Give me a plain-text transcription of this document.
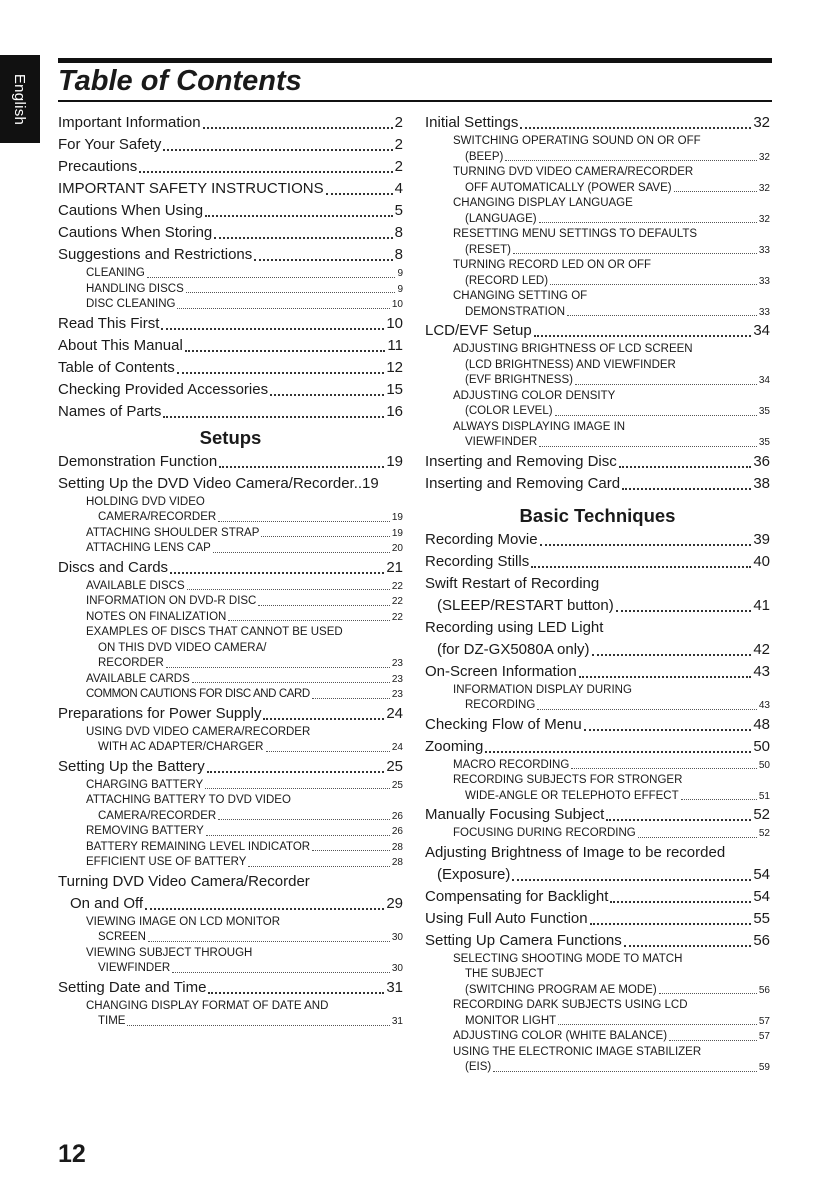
English Table of Contents
Important Information	2
For Your Safety	2
Precautions	2
IMPORTANT SAFETY INSTRUCTIONS	4
Cautions When Using	5
Cautions When Storing	8
Suggestions and Restrictions	8
CLEANING	9
HANDLING DISCS	9
DISC CLEANING	10
Read This First	10
About This Manual	11
Table of Contents	12
Checking Provided Accessories	15
Names of Parts	16
Setups
Demonstration Function	19
Setting Up the DVD Video Camera/Recorder.. 19
HOLDING DVD VIDEO
CAMERA/RECORDER	19
ATTACHING SHOULDER STRAP	19
ATTACHING LENS CAP	20
Discs and Cards	21
AVAILABLE DISCS	22
INFORMATION ON DVD-R DISC	22
NOTES ON FINALIZATION	22
EXAMPLES OF DISCS THAT CANNOT BE USED
ON THIS DVD VIDEO CAMERA/
RECORDER	23
AVAILABLE CARDS	23
COMMON CAUTIONS FOR DISC AND CARD	23
Preparations for Power Supply	24
USING DVD VIDEO CAMERA/RECORDER
WITH AC ADAPTER/CHARGER	24
Setting Up the Battery	25
CHARGING BATTERY	25
ATTACHING BATTERY TO DVD VIDEO
CAMERA/RECORDER	26
REMOVING BATTERY	26
BATTERY REMAINING LEVEL INDICATOR	28
EFFICIENT USE OF BATTERY	28
Turning DVD Video Camera/Recorder
On and Off	29
VIEWING IMAGE ON LCD MONITOR
SCREEN	30
VIEWING SUBJECT THROUGH
VIEWFINDER	30
Setting Date and Time	31
CHANGING DISPLAY FORMAT OF DATE AND
TIME	31
Initial Settings	32
SWITCHING OPERATING SOUND ON OR OFF
(BEEP)	32
TURNING DVD VIDEO CAMERA/RECORDER
OFF AUTOMATICALLY (POWER SAVE)	32
CHANGING DISPLAY LANGUAGE
(LANGUAGE)	32
RESETTING MENU SETTINGS TO DEFAULTS
(RESET)	33
TURNING RECORD LED ON OR OFF
(RECORD LED)	33
CHANGING SETTING OF
DEMONSTRATION	33
LCD/EVF Setup	34
ADJUSTING BRIGHTNESS OF LCD SCREEN
(LCD BRIGHTNESS) AND VIEWFINDER
(EVF BRIGHTNESS)	34
ADJUSTING COLOR DENSITY
(COLOR LEVEL)	35
ALWAYS DISPLAYING IMAGE IN
VIEWFINDER	35
Inserting and Removing Disc	36
Inserting and Removing Card	38
Basic Techniques
Recording Movie	39
Recording Stills	40
Swift Restart of Recording
(SLEEP/RESTART button)	41
Recording using LED Light
(for DZ-GX5080A only)	42
On-Screen Information	43
INFORMATION DISPLAY DURING
RECORDING	43
Checking Flow of Menu	48
Zooming	50
MACRO RECORDING	50
RECORDING SUBJECTS FOR STRONGER
WIDE-ANGLE OR TELEPHOTO EFFECT	51
Manually Focusing Subject	52
FOCUSING DURING RECORDING	52
Adjusting Brightness of Image to be recorded
(Exposure)	54
Compensating for Backlight	54
Using Full Auto Function	55
Setting Up Camera Functions	56
SELECTING SHOOTING MODE TO MATCH
THE SUBJECT
(SWITCHING PROGRAM AE MODE)	56
RECORDING DARK SUBJECTS USING LCD
MONITOR LIGHT	57
ADJUSTING COLOR (WHITE BALANCE)	57
USING THE ELECTRONIC IMAGE STABILIZER
(EIS)	59
12
